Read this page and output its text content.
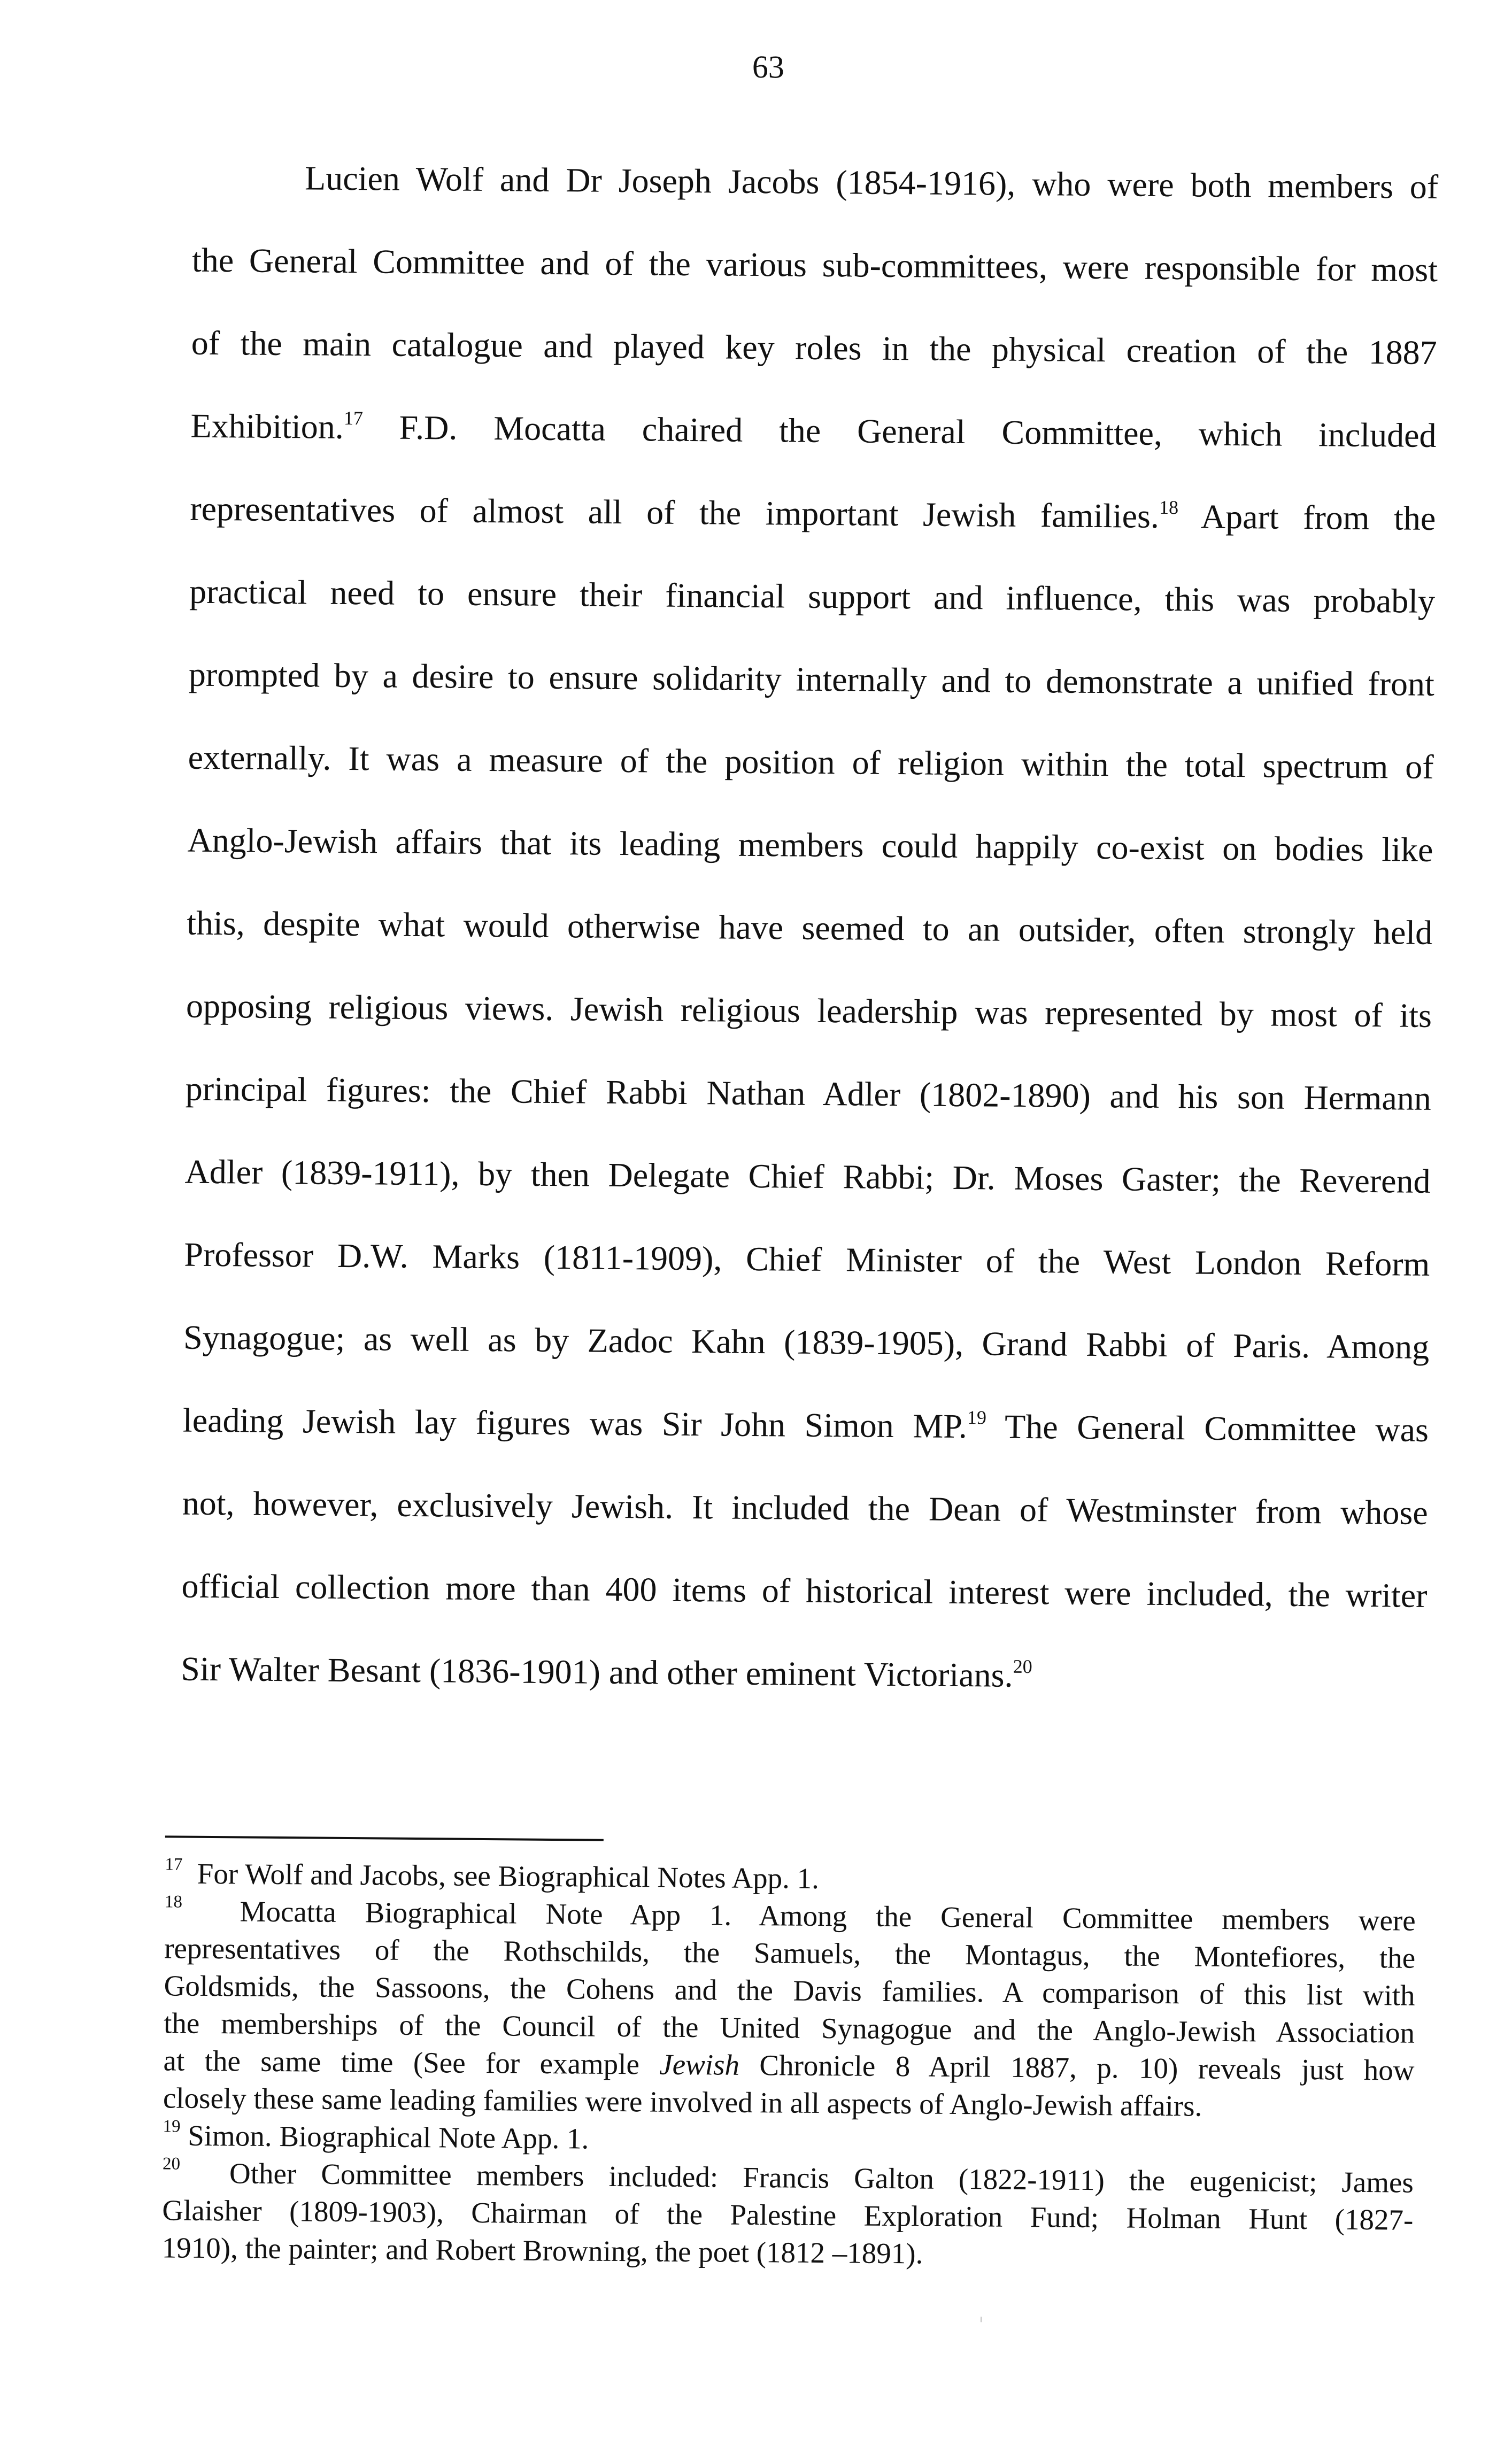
63
Lucien Wolf and Dr Joseph Jacobs (1854-1916), who were both members of
the General Committee and of the various sub-committees, were responsible for most
of the main catalogue and played key roles in the physical creation of the 1887
Exhibition.$^{17}$ F.D. Mocatta chaired the General Committee, which included
representatives of almost all of the important Jewish families.$^{18}$ Apart from the
practical need to ensure their financial support and influence, this was probably
prompted by a desire to ensure solidarity internally and to demonstrate a unified front
externally. It was a measure of the position of religion within the total spectrum of
Anglo-Jewish affairs that its leading members could happily co-exist on bodies like
this, despite what would otherwise have seemed to an outsider, often strongly held
opposing religious views. Jewish religious leadership was represented by most of its
principal figures: the Chief Rabbi Nathan Adler (1802-1890) and his son Hermann
Adler (1839-1911), by then Delegate Chief Rabbi; Dr. Moses Gaster; the Reverend
Professor D.W. Marks (1811-1909), Chief Minister of the West London Reform
Synagogue; as well as by Zadoc Kahn (1839-1905), Grand Rabbi of Paris. Among
leading Jewish lay figures was Sir John Simon MP.$^{19}$ The General Committee was
not, however, exclusively Jewish. It included the Dean of Westminster from whose
official collection more than 400 items of historical interest were included, the writer
Sir Walter Besant (1836-1901) and other eminent Victorians.$^{20}$
$^{17}$ For Wolf and Jacobs, see Biographical Notes App. 1.
$^{18}$ Mocatta Biographical Note App 1. Among the General Committee members were
representatives of the Rothschilds, the Samuels, the Montagus, the Montefiores, the
Goldsmids, the Sassoons, the Cohens and the Davis families. A comparison of this list with
the memberships of the Council of the United Synagogue and the Anglo-Jewish Association
at the same time (See for example Jewish Chronicle 8 April 1887, p. 10) reveals just how
closely these same leading families were involved in all aspects of Anglo-Jewish affairs.
$^{19}$ Simon. Biographical Note App. 1.
$^{20}$ Other Committee members included: Francis Galton (1822-1911) the eugenicist; James
Glaisher (1809-1903), Chairman of the Palestine Exploration Fund; Holman Hunt (1827-
1910), the painter; and Robert Browning, the poet (1812 –1891).
